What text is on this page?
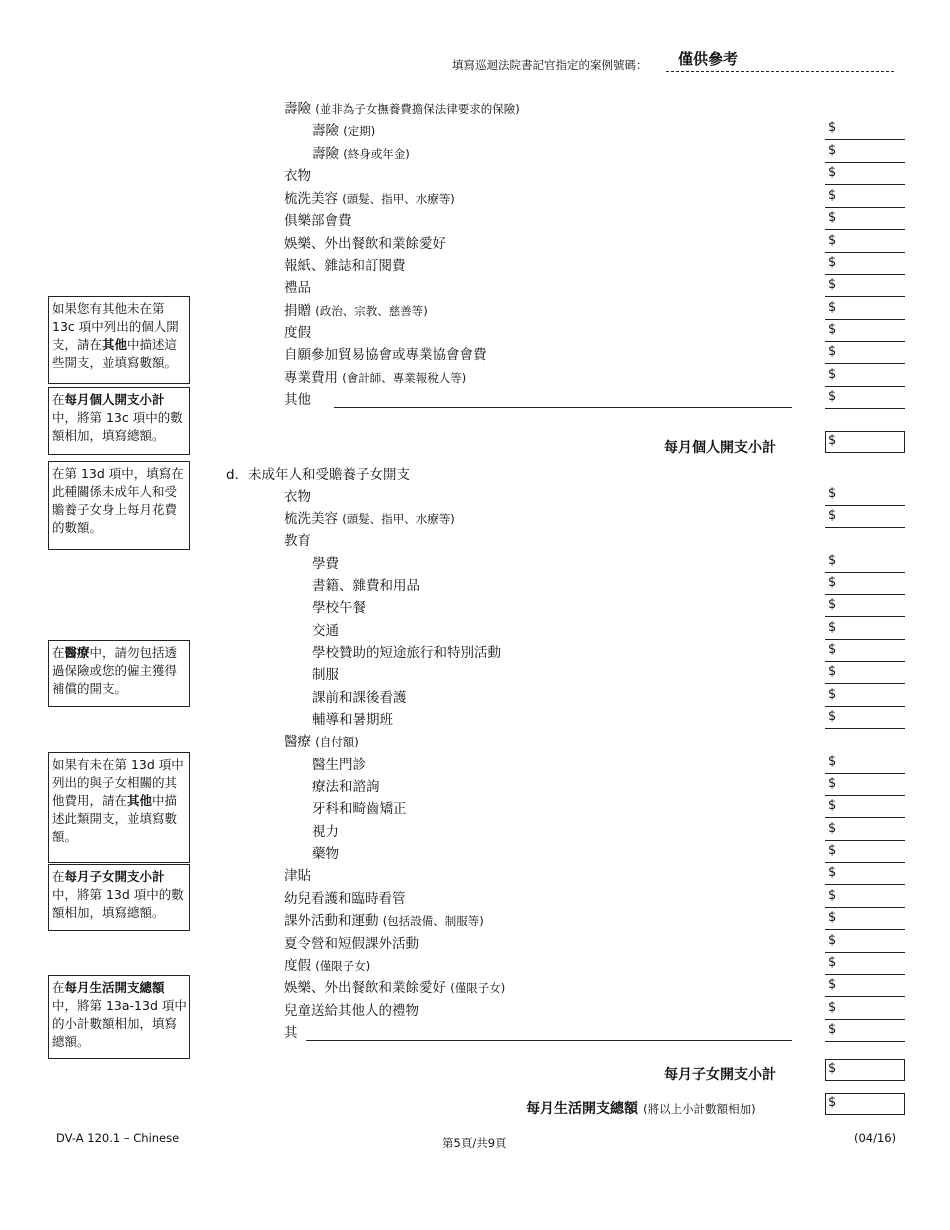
填寫巡迴法院書記官指定的案例號碼： 僅供參考
如果您有其他未在第 13c 項中列出的個人開支，請在其他中描述這些開支，並填寫數額。
在每月個人開支小計中，將第 13c 項中的數額相加，填寫總額。
在第 13d 項中，填寫在此種關係未成年人和受贍養子女身上每月花費的數額。
在醫療中，請勿包括透過保險或您的僱主獲得補償的開支。
如果有未在第 13d 項中列出的與子女相關的其他費用，請在其他中描述此類開支，並填寫數額。
在每月子女開支小計中，將第 13d 項中的數額相加，填寫總額。
在每月生活開支總額中，將第 13a-13d 項中的小計數額相加，填寫總額。
壽險 (並非為子女撫養費擔保法律要求的保險)
壽險 (定期)	$
壽險 (終身或年金)	$
衣物	$
梳洗美容 (頭髮、指甲、水療等)	$
俱樂部會費	$
娛樂、外出餐飲和業餘愛好	$
報紙、雜誌和訂閱費	$
禮品	$
捐贈 (政治、宗教、慈善等)	$
度假	$
自願參加貿易協會或專業協會會費	$
專業費用 (會計師、專業報稅人等)	$
其他	$
每月個人開支小計	$
d. 未成年人和受贍養子女開支
衣物	$
梳洗美容 (頭髮、指甲、水療等)	$
教育
學費	$
書籍、雜費和用品	$
學校午餐	$
交通	$
學校贊助的短途旅行和特別活動	$
制服	$
課前和課後看護	$
輔導和暑期班	$
醫療 (自付額)
醫生門診	$
療法和諮詢	$
牙科和畸齒矯正	$
視力	$
藥物	$
津貼	$
幼兒看護和臨時看管	$
課外活動和運動 (包括設備、制服等)	$
夏令營和短假課外活動	$
度假 (僅限子女)	$
娛樂、外出餐飲和業餘愛好 (僅限子女)	$
兒童送給其他人的禮物	$
其	$
每月子女開支小計	$
每月生活開支總額 (將以上小計數額相加)	$
DV-A 120.1 – Chinese	第5頁/共9頁	(04/16)
